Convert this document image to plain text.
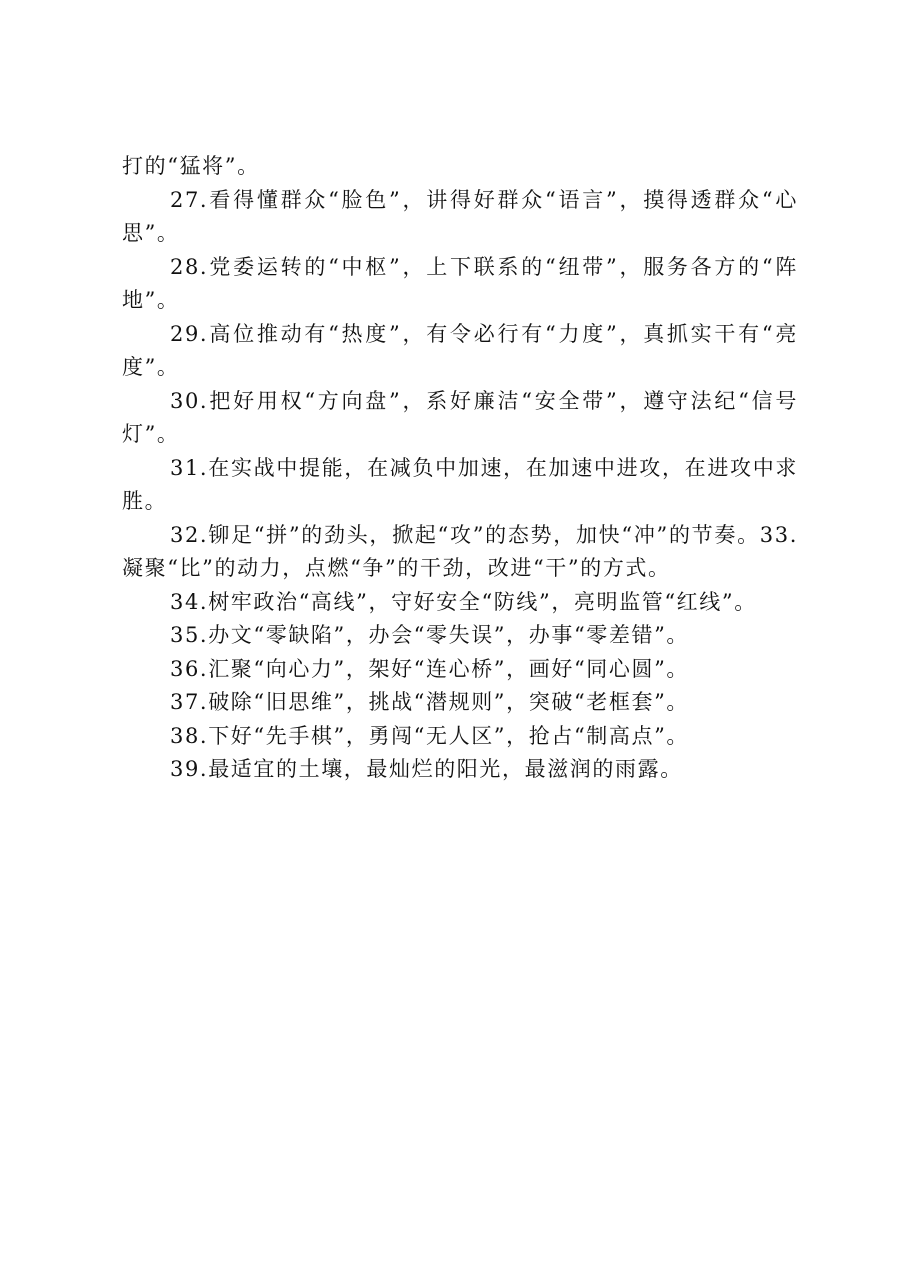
打的“猛将”。

27.看得懂群众“脸色”，讲得好群众“语言”，摸得透群众“心思”。

28.党委运转的“中枢”，上下联系的“纽带”，服务各方的“阵地”。

29.高位推动有“热度”，有令必行有“力度”，真抓实干有“亮度”。

30.把好用权“方向盘”，系好廉洁“安全带”，遵守法纪“信号灯”。

31.在实战中提能，在减负中加速，在加速中进攻，在进攻中求胜。

32.铆足“拼”的劲头，掀起“攻”的态势，加快“冲”的节奏。33.凝聚“比”的动力，点燃“争”的干劲，改进“干”的方式。

34.树牢政治“高线”，守好安全“防线”，亮明监管“红线”。

35.办文“零缺陷”，办会“零失误”，办事“零差错”。

36.汇聚“向心力”，架好“连心桥”，画好“同心圆”。

37.破除“旧思维”，挑战“潜规则”，突破“老框套”。

38.下好“先手棋”，勇闯“无人区”，抢占“制高点”。

39.最适宜的土壤，最灿烂的阳光，最滋润的雨露。
